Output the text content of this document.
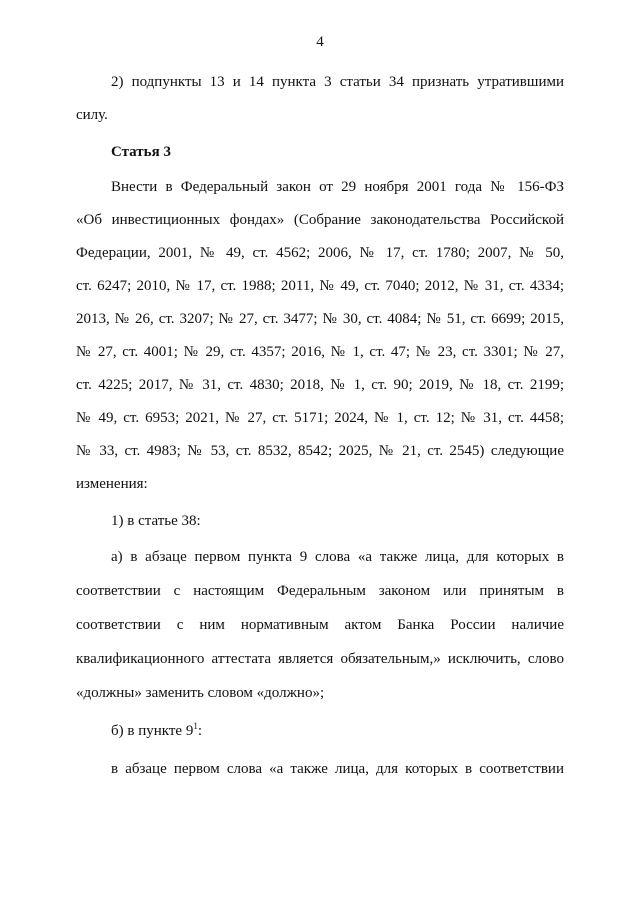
4
2) подпункты 13 и 14 пункта 3 статьи 34 признать утратившими
силу.
Статья 3
Внести в Федеральный закон от 29 ноября 2001 года № 156-ФЗ
«Об инвестиционных фондах» (Собрание законодательства Российской
Федерации, 2001, № 49, ст. 4562; 2006, № 17, ст. 1780; 2007, № 50,
ст. 6247; 2010, № 17, ст. 1988; 2011, № 49, ст. 7040; 2012, № 31, ст. 4334;
2013, № 26, ст. 3207; № 27, ст. 3477; № 30, ст. 4084; № 51, ст. 6699; 2015,
№ 27, ст. 4001; № 29, ст. 4357; 2016, № 1, ст. 47; № 23, ст. 3301; № 27,
ст. 4225; 2017, № 31, ст. 4830; 2018, № 1, ст. 90; 2019, № 18, ст. 2199;
№ 49, ст. 6953; 2021, № 27, ст. 5171; 2024, № 1, ст. 12; № 31, ст. 4458;
№ 33, ст. 4983; № 53, ст. 8532, 8542; 2025, № 21, ст. 2545) следующие
изменения:
1) в статье 38:
а) в абзаце первом пункта 9 слова «а также лица, для которых в
соответствии с настоящим Федеральным законом или принятым в
соответствии с ним нормативным актом Банка России наличие
квалификационного аттестата является обязательным,» исключить, слово
«должны» заменить словом «должно»;
б) в пункте $9^1$:
в абзаце первом слова «а также лица, для которых в соответствии
